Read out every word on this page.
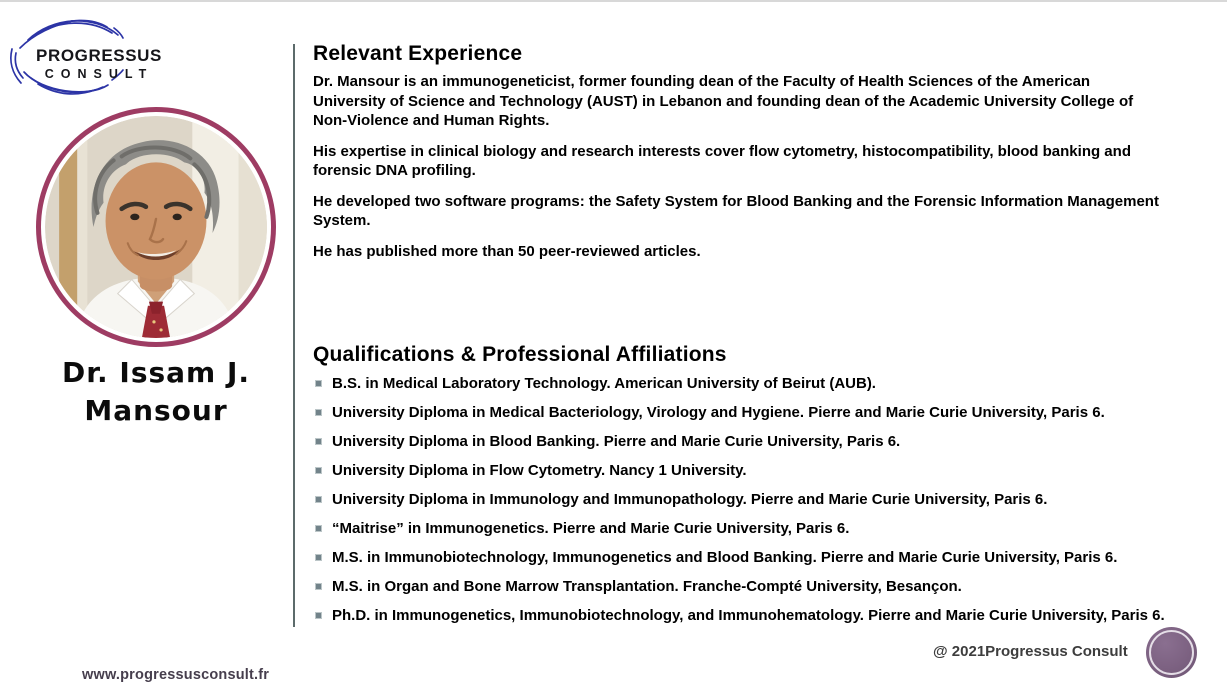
PROGRESSUS
CONSULT
Dr. Issam J.
Mansour
Relevant Experience

Dr. Mansour is an immunogeneticist, former founding dean of the Faculty of Health Sciences of the American University of Science and Technology (AUST) in Lebanon and founding dean of the Academic University College of Non-Violence and Human Rights.

His expertise in clinical biology and research interests cover flow cytometry, histocompatibility, blood banking and forensic DNA profiling.

He developed two software programs: the Safety System for Blood Banking and the Forensic Information Management System.

He has published more than 50 peer-reviewed articles.

Qualifications & Professional Affiliations
B.S. in Medical Laboratory Technology. American University of Beirut (AUB).
University Diploma in Medical Bacteriology, Virology and Hygiene. Pierre and Marie Curie University, Paris 6.
University Diploma in Blood Banking. Pierre and Marie Curie University, Paris 6.
University Diploma in Flow Cytometry. Nancy 1 University.
University Diploma in Immunology and Immunopathology. Pierre and Marie Curie University, Paris 6.
“Maitrise” in Immunogenetics. Pierre and Marie Curie University, Paris 6.
M.S. in Immunobiotechnology, Immunogenetics and Blood Banking. Pierre and Marie Curie University, Paris 6.
M.S. in Organ and Bone Marrow Transplantation. Franche-Compté University, Besançon.
Ph.D. in Immunogenetics, Immunobiotechnology, and Immunohematology. Pierre and Marie Curie University, Paris 6.
@ 2021Progressus Consult
www.progressusconsult.fr
